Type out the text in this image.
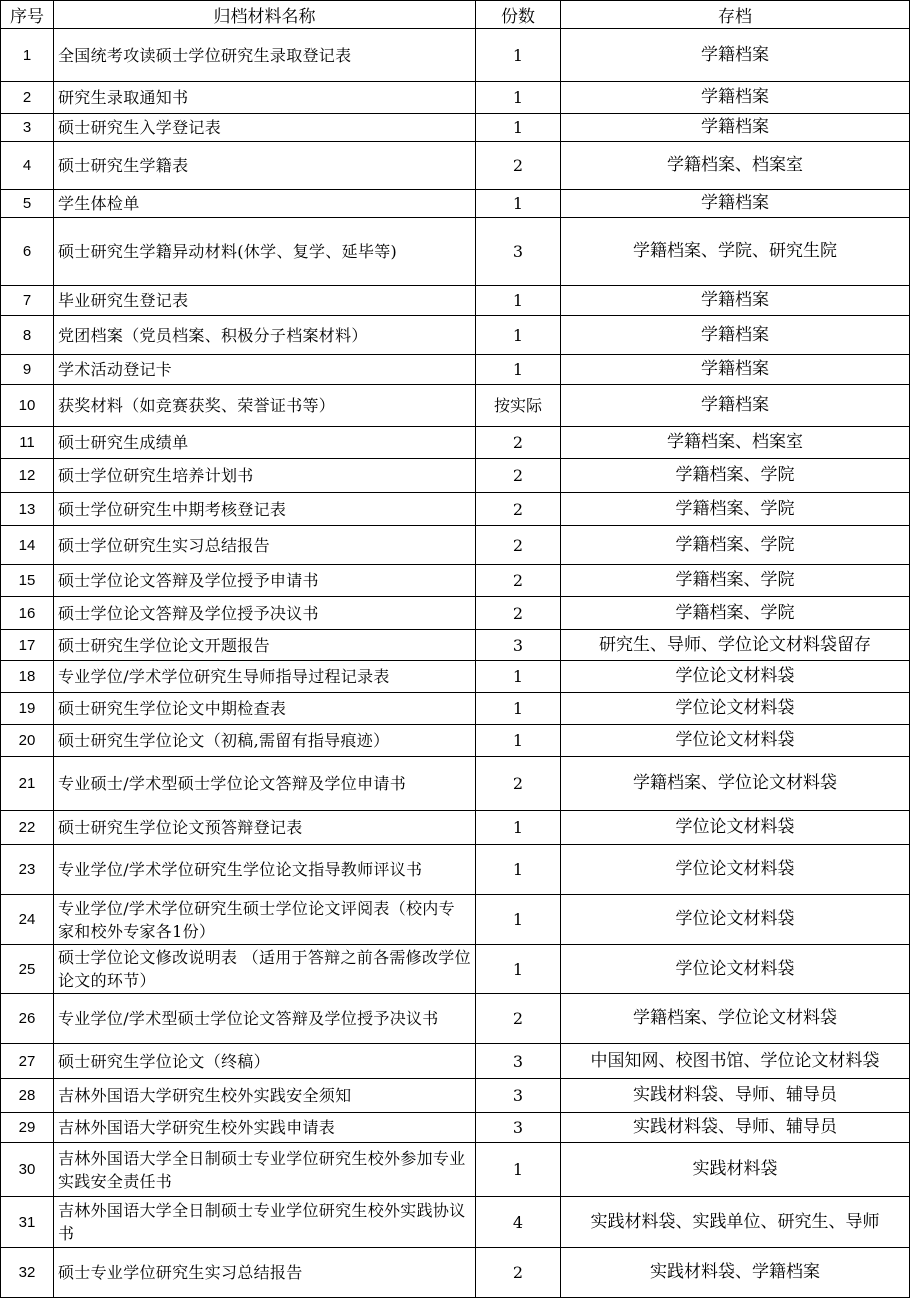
序号	归档材料名称	份数	存档
1	全国统考攻读硕士学位研究生录取登记表	1	学籍档案
2	研究生录取通知书	1	学籍档案
3	硕士研究生入学登记表	1	学籍档案
4	硕士研究生学籍表	2	学籍档案、档案室
5	学生体检单	1	学籍档案
6	硕士研究生学籍异动材料(休学、复学、延毕等)	3	学籍档案、学院、研究生院
7	毕业研究生登记表	1	学籍档案
8	党团档案（党员档案、积极分子档案材料）	1	学籍档案
9	学术活动登记卡	1	学籍档案
10	获奖材料（如竞赛获奖、荣誉证书等）	按实际	学籍档案
11	硕士研究生成绩单	2	学籍档案、档案室
12	硕士学位研究生培养计划书	2	学籍档案、学院
13	硕士学位研究生中期考核登记表	2	学籍档案、学院
14	硕士学位研究生实习总结报告	2	学籍档案、学院
15	硕士学位论文答辩及学位授予申请书	2	学籍档案、学院
16	硕士学位论文答辩及学位授予决议书	2	学籍档案、学院
17	硕士研究生学位论文开题报告	3	研究生、导师、学位论文材料袋留存
18	专业学位/学术学位研究生导师指导过程记录表	1	学位论文材料袋
19	硕士研究生学位论文中期检查表	1	学位论文材料袋
20	硕士研究生学位论文（初稿,需留有指导痕迹）	1	学位论文材料袋
21	专业硕士/学术型硕士学位论文答辩及学位申请书	2	学籍档案、学位论文材料袋
22	硕士研究生学位论文预答辩登记表	1	学位论文材料袋
23	专业学位/学术学位研究生学位论文指导教师评议书	1	学位论文材料袋
24	专业学位/学术学位研究生硕士学位论文评阅表（校内专家和校外专家各1份）	1	学位论文材料袋
25	硕士学位论文修改说明表 （适用于答辩之前各需修改学位论文的环节）	1	学位论文材料袋
26	专业学位/学术型硕士学位论文答辩及学位授予决议书	2	学籍档案、学位论文材料袋
27	硕士研究生学位论文（终稿）	3	中国知网、校图书馆、学位论文材料袋
28	吉林外国语大学研究生校外实践安全须知	3	实践材料袋、导师、辅导员
29	吉林外国语大学研究生校外实践申请表	3	实践材料袋、导师、辅导员
30	吉林外国语大学全日制硕士专业学位研究生校外参加专业实践安全责任书	1	实践材料袋
31	吉林外国语大学全日制硕士专业学位研究生校外实践协议书	4	实践材料袋、实践单位、研究生、导师
32	硕士专业学位研究生实习总结报告	2	实践材料袋、学籍档案
